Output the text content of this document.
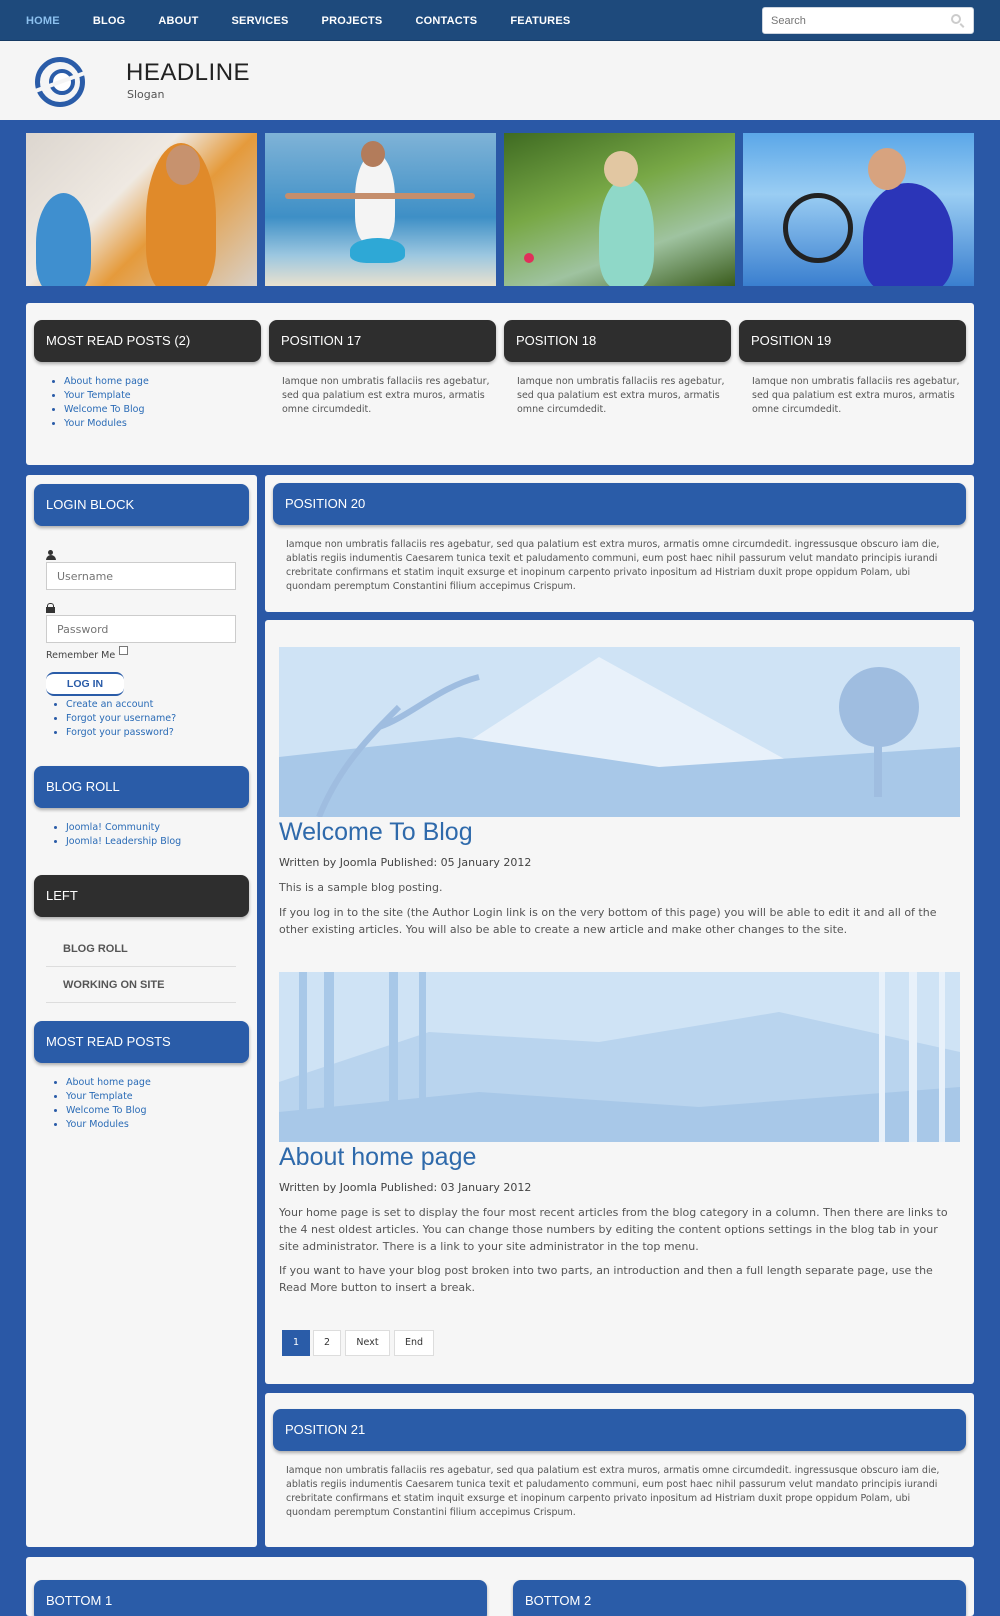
HOME	BLOG	ABOUT	SERVICES	PROJECTS	CONTACTS	FEATURES
Search
HEADLINE
Slogan
MOST READ POSTS (2)
• About home page
• Your Template
• Welcome To Blog
• Your Modules
POSITION 17
Iamque non umbratis fallaciis res agebatur, sed qua palatium est extra muros, armatis omne circumdedit.
POSITION 18
Iamque non umbratis fallaciis res agebatur, sed qua palatium est extra muros, armatis omne circumdedit.
POSITION 19
Iamque non umbratis fallaciis res agebatur, sed qua palatium est extra muros, armatis omne circumdedit.
LOGIN BLOCK
Username
Password
Remember Me
LOG IN
• Create an account
• Forgot your username?
• Forgot your password?
BLOG ROLL
• Joomla! Community
• Joomla! Leadership Blog
LEFT
BLOG ROLL
WORKING ON SITE
MOST READ POSTS
• About home page
• Your Template
• Welcome To Blog
• Your Modules
POSITION 20
Iamque non umbratis fallaciis res agebatur, sed qua palatium est extra muros, armatis omne circumdedit. ingressusque obscuro iam die, ablatis regiis indumentis Caesarem tunica texit et paludamento communi, eum post haec nihil passurum velut mandato principis iurandi crebritate confirmans et statim inquit exsurge et inopinum carpento privato inpositum ad Histriam duxit prope oppidum Polam, ubi quondam peremptum Constantini filium accepimus Crispum.
Welcome To Blog
Written by Joomla Published: 05 January 2012
This is a sample blog posting.
If you log in to the site (the Author Login link is on the very bottom of this page) you will be able to edit it and all of the other existing articles. You will also be able to create a new article and make other changes to the site.
About home page
Written by Joomla Published: 03 January 2012
Your home page is set to display the four most recent articles from the blog category in a column. Then there are links to the 4 nest oldest articles. You can change those numbers by editing the content options settings in the blog tab in your site administrator. There is a link to your site administrator in the top menu.
If you want to have your blog post broken into two parts, an introduction and then a full length separate page, use the Read More button to insert a break.
1	2	Next	End
POSITION 21
Iamque non umbratis fallaciis res agebatur, sed qua palatium est extra muros, armatis omne circumdedit. ingressusque obscuro iam die, ablatis regiis indumentis Caesarem tunica texit et paludamento communi, eum post haec nihil passurum velut mandato principis iurandi crebritate confirmans et statim inquit exsurge et inopinum carpento privato inpositum ad Histriam duxit prope oppidum Polam, ubi quondam peremptum Constantini filium accepimus Crispum.
BOTTOM 1	BOTTOM 2
